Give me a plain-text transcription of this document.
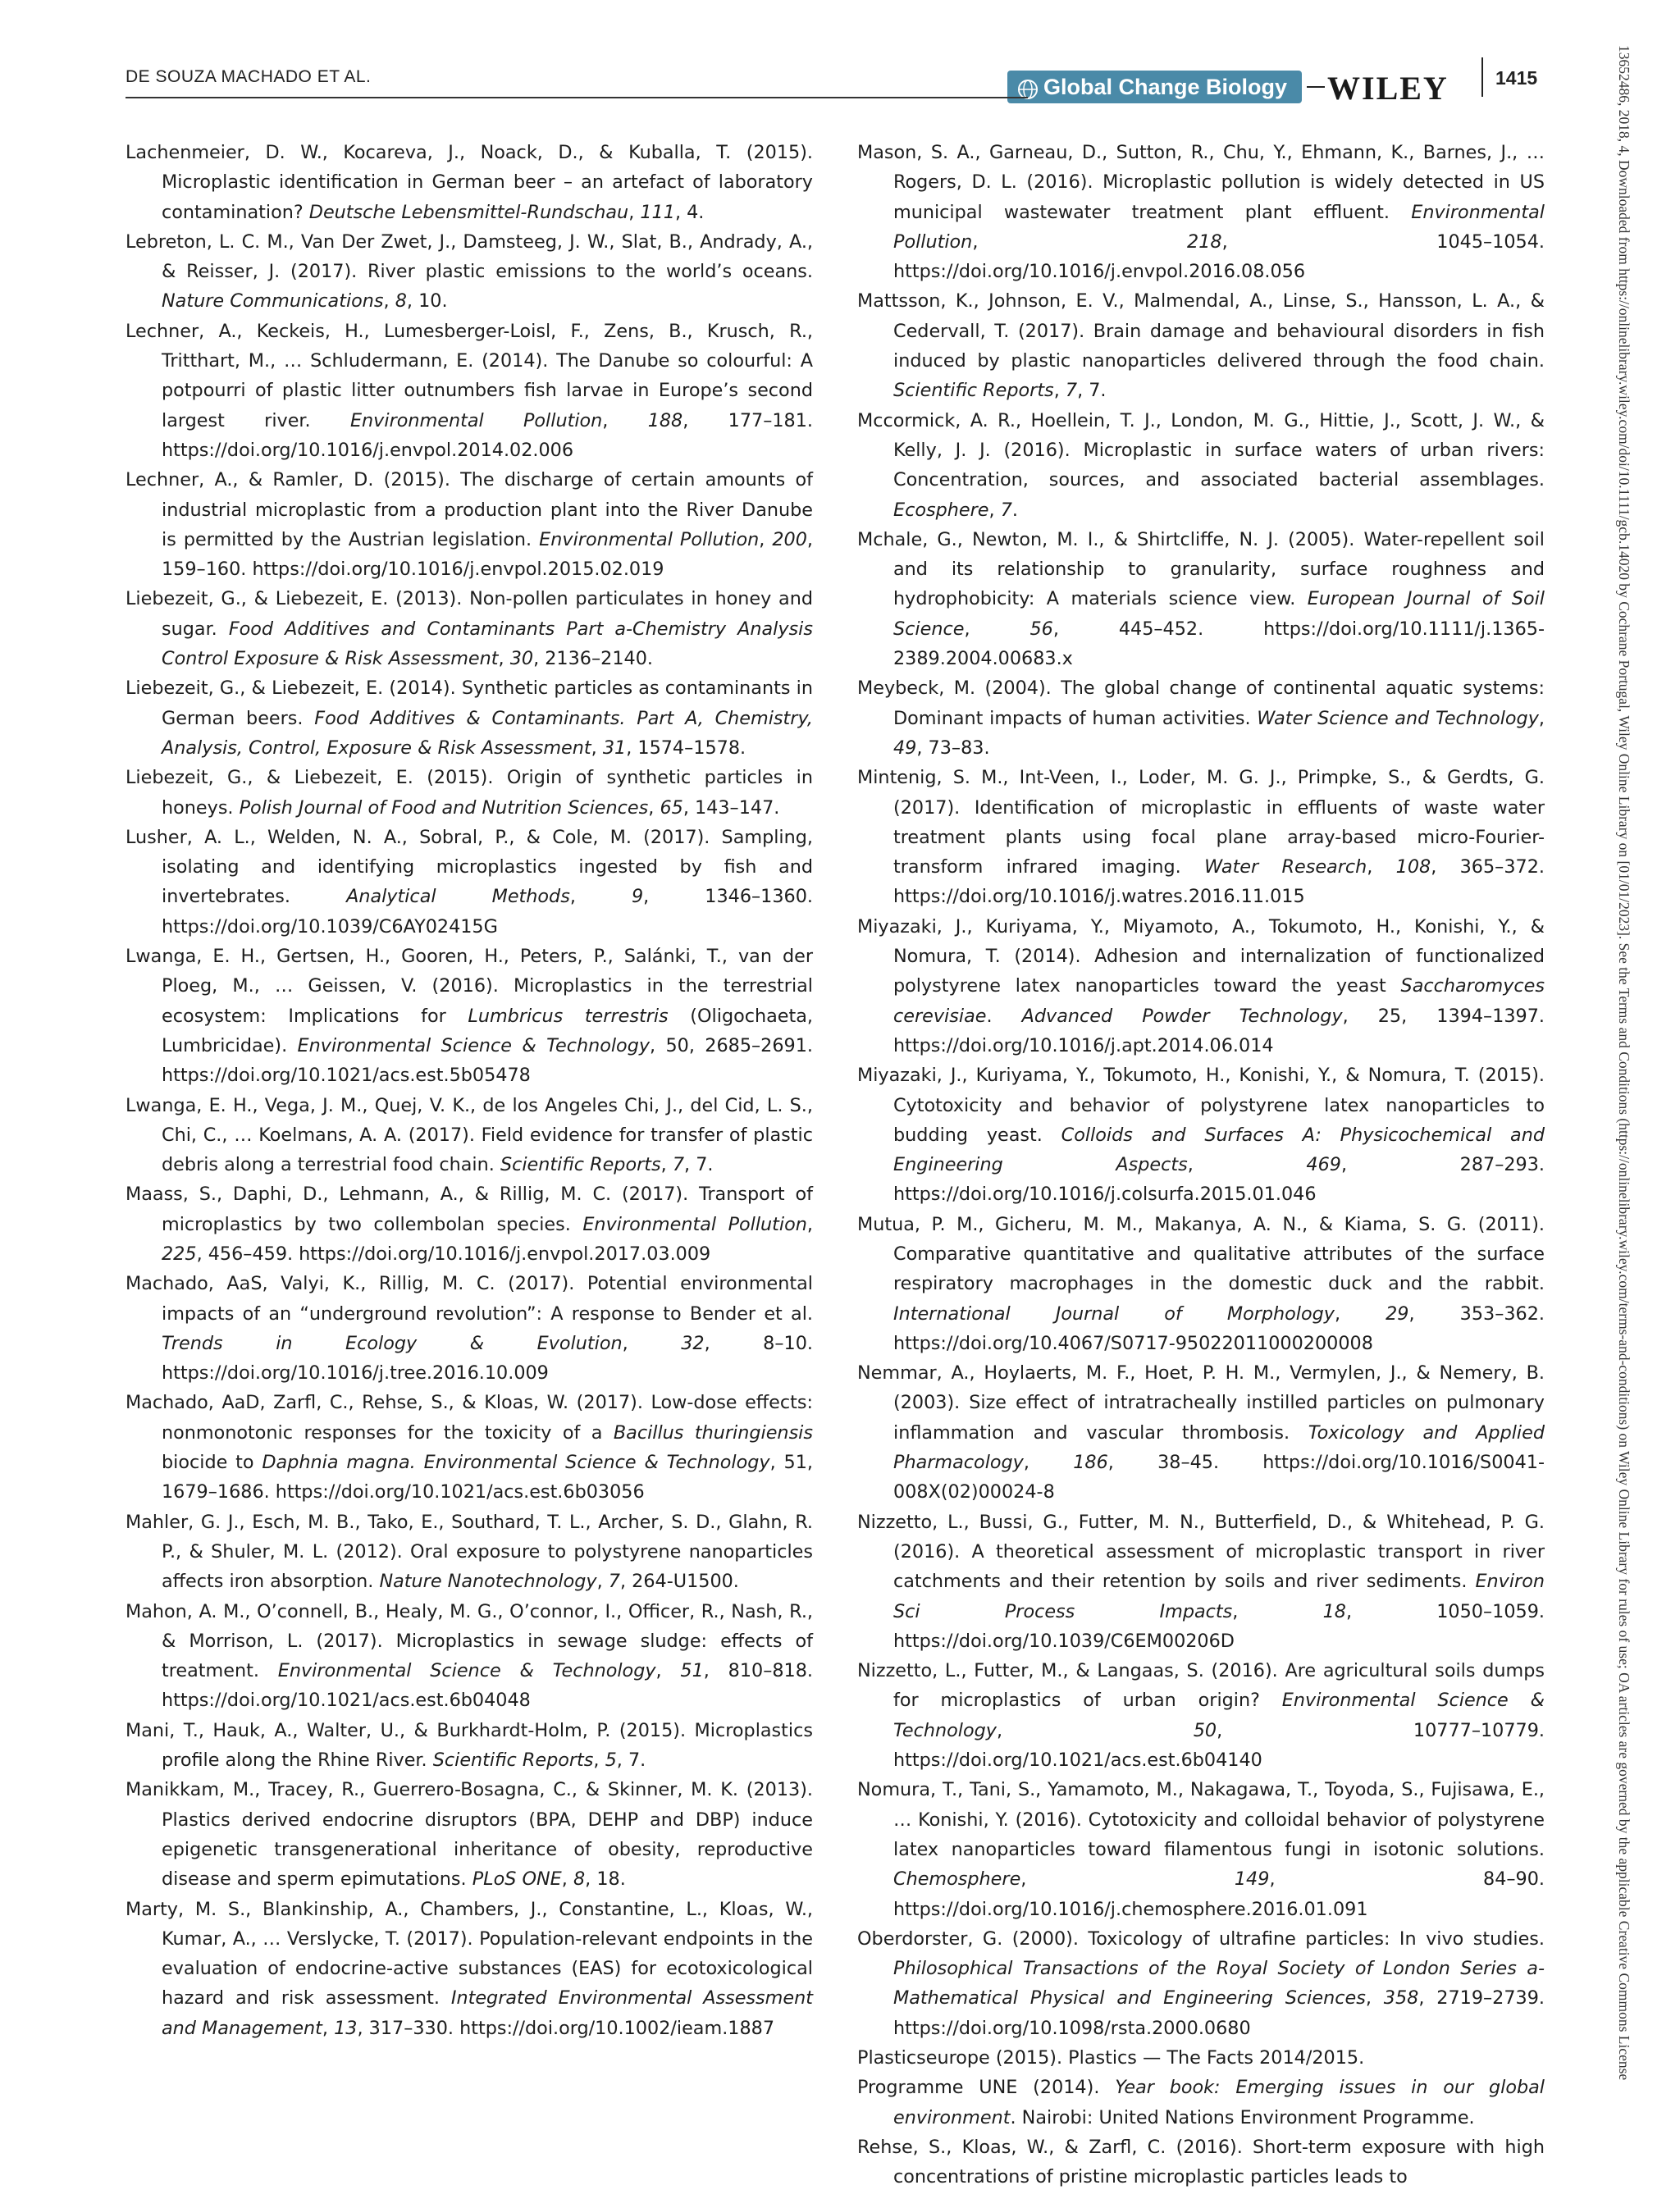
DE SOUZA MACHADO ET AL.	Global Change Biology WILEY 1415

Lachenmeier, D. W., Kocareva, J., Noack, D., & Kuballa, T. (2015). Microplastic identification in German beer – an artefact of laboratory contamination? Deutsche Lebensmittel-Rundschau, 111, 4.

Lebreton, L. C. M., Van Der Zwet, J., Damsteeg, J. W., Slat, B., Andrady, A., & Reisser, J. (2017). River plastic emissions to the world’s oceans. Nature Communications, 8, 10.

Lechner, A., Keckeis, H., Lumesberger-Loisl, F., Zens, B., Krusch, R., Tritthart, M., … Schludermann, E. (2014). The Danube so colourful: A potpourri of plastic litter outnumbers fish larvae in Europe’s second largest river. Environmental Pollution, 188, 177–181. https://doi.org/10.1016/j.envpol.2014.02.006

Lechner, A., & Ramler, D. (2015). The discharge of certain amounts of industrial microplastic from a production plant into the River Danube is permitted by the Austrian legislation. Environmental Pollution, 200, 159–160. https://doi.org/10.1016/j.envpol.2015.02.019

Liebezeit, G., & Liebezeit, E. (2013). Non-pollen particulates in honey and sugar. Food Additives and Contaminants Part a-Chemistry Analysis Control Exposure & Risk Assessment, 30, 2136–2140.

Liebezeit, G., & Liebezeit, E. (2014). Synthetic particles as contaminants in German beers. Food Additives & Contaminants. Part A, Chemistry, Analysis, Control, Exposure & Risk Assessment, 31, 1574–1578.

Liebezeit, G., & Liebezeit, E. (2015). Origin of synthetic particles in honeys. Polish Journal of Food and Nutrition Sciences, 65, 143–147.

Lusher, A. L., Welden, N. A., Sobral, P., & Cole, M. (2017). Sampling, isolating and identifying microplastics ingested by fish and invertebrates. Analytical Methods, 9, 1346–1360. https://doi.org/10.1039/C6AY02415G

Lwanga, E. H., Gertsen, H., Gooren, H., Peters, P., Salánki, T., van der Ploeg, M., … Geissen, V. (2016). Microplastics in the terrestrial ecosystem: Implications for Lumbricus terrestris (Oligochaeta, Lumbricidae). Environmental Science & Technology, 50, 2685–2691. https://doi.org/10.1021/acs.est.5b05478

Lwanga, E. H., Vega, J. M., Quej, V. K., de los Angeles Chi, J., del Cid, L. S., Chi, C., … Koelmans, A. A. (2017). Field evidence for transfer of plastic debris along a terrestrial food chain. Scientific Reports, 7, 7.

Maass, S., Daphi, D., Lehmann, A., & Rillig, M. C. (2017). Transport of microplastics by two collembolan species. Environmental Pollution, 225, 456–459. https://doi.org/10.1016/j.envpol.2017.03.009

Machado, AaS, Valyi, K., Rillig, M. C. (2017). Potential environmental impacts of an “underground revolution”: A response to Bender et al. Trends in Ecology & Evolution, 32, 8–10. https://doi.org/10.1016/j.tree.2016.10.009

Machado, AaD, Zarfl, C., Rehse, S., & Kloas, W. (2017). Low-dose effects: nonmonotonic responses for the toxicity of a Bacillus thuringiensis biocide to Daphnia magna. Environmental Science & Technology, 51, 1679–1686. https://doi.org/10.1021/acs.est.6b03056

Mahler, G. J., Esch, M. B., Tako, E., Southard, T. L., Archer, S. D., Glahn, R. P., & Shuler, M. L. (2012). Oral exposure to polystyrene nanoparticles affects iron absorption. Nature Nanotechnology, 7, 264-U1500.

Mahon, A. M., O’connell, B., Healy, M. G., O’connor, I., Officer, R., Nash, R., & Morrison, L. (2017). Microplastics in sewage sludge: effects of treatment. Environmental Science & Technology, 51, 810–818. https://doi.org/10.1021/acs.est.6b04048

Mani, T., Hauk, A., Walter, U., & Burkhardt-Holm, P. (2015). Microplastics profile along the Rhine River. Scientific Reports, 5, 7.

Manikkam, M., Tracey, R., Guerrero-Bosagna, C., & Skinner, M. K. (2013). Plastics derived endocrine disruptors (BPA, DEHP and DBP) induce epigenetic transgenerational inheritance of obesity, reproductive disease and sperm epimutations. PLoS ONE, 8, 18.

Marty, M. S., Blankinship, A., Chambers, J., Constantine, L., Kloas, W., Kumar, A., … Verslycke, T. (2017). Population-relevant endpoints in the evaluation of endocrine-active substances (EAS) for ecotoxicological hazard and risk assessment. Integrated Environmental Assessment and Management, 13, 317–330. https://doi.org/10.1002/ieam.1887

Mason, S. A., Garneau, D., Sutton, R., Chu, Y., Ehmann, K., Barnes, J., … Rogers, D. L. (2016). Microplastic pollution is widely detected in US municipal wastewater treatment plant effluent. Environmental Pollution, 218, 1045–1054. https://doi.org/10.1016/j.envpol.2016.08.056

Mattsson, K., Johnson, E. V., Malmendal, A., Linse, S., Hansson, L. A., & Cedervall, T. (2017). Brain damage and behavioural disorders in fish induced by plastic nanoparticles delivered through the food chain. Scientific Reports, 7, 7.

Mccormick, A. R., Hoellein, T. J., London, M. G., Hittie, J., Scott, J. W., & Kelly, J. J. (2016). Microplastic in surface waters of urban rivers: Concentration, sources, and associated bacterial assemblages. Ecosphere, 7.

Mchale, G., Newton, M. I., & Shirtcliffe, N. J. (2005). Water-repellent soil and its relationship to granularity, surface roughness and hydrophobicity: A materials science view. European Journal of Soil Science, 56, 445–452. https://doi.org/10.1111/j.1365-2389.2004.00683.x

Meybeck, M. (2004). The global change of continental aquatic systems: Dominant impacts of human activities. Water Science and Technology, 49, 73–83.

Mintenig, S. M., Int-Veen, I., Loder, M. G. J., Primpke, S., & Gerdts, G. (2017). Identification of microplastic in effluents of waste water treatment plants using focal plane array-based micro-Fourier-transform infrared imaging. Water Research, 108, 365–372. https://doi.org/10.1016/j.watres.2016.11.015

Miyazaki, J., Kuriyama, Y., Miyamoto, A., Tokumoto, H., Konishi, Y., & Nomura, T. (2014). Adhesion and internalization of functionalized polystyrene latex nanoparticles toward the yeast Saccharomyces cerevisiae. Advanced Powder Technology, 25, 1394–1397. https://doi.org/10.1016/j.apt.2014.06.014

Miyazaki, J., Kuriyama, Y., Tokumoto, H., Konishi, Y., & Nomura, T. (2015). Cytotoxicity and behavior of polystyrene latex nanoparticles to budding yeast. Colloids and Surfaces A: Physicochemical and Engineering Aspects, 469, 287–293. https://doi.org/10.1016/j.colsurfa.2015.01.046

Mutua, P. M., Gicheru, M. M., Makanya, A. N., & Kiama, S. G. (2011). Comparative quantitative and qualitative attributes of the surface respiratory macrophages in the domestic duck and the rabbit. International Journal of Morphology, 29, 353–362. https://doi.org/10.4067/S0717-95022011000200008

Nemmar, A., Hoylaerts, M. F., Hoet, P. H. M., Vermylen, J., & Nemery, B. (2003). Size effect of intratracheally instilled particles on pulmonary inflammation and vascular thrombosis. Toxicology and Applied Pharmacology, 186, 38–45. https://doi.org/10.1016/S0041-008X(02)00024-8

Nizzetto, L., Bussi, G., Futter, M. N., Butterfield, D., & Whitehead, P. G. (2016). A theoretical assessment of microplastic transport in river catchments and their retention by soils and river sediments. Environ Sci Process Impacts, 18, 1050–1059. https://doi.org/10.1039/C6EM00206D

Nizzetto, L., Futter, M., & Langaas, S. (2016). Are agricultural soils dumps for microplastics of urban origin? Environmental Science & Technology, 50, 10777–10779. https://doi.org/10.1021/acs.est.6b04140

Nomura, T., Tani, S., Yamamoto, M., Nakagawa, T., Toyoda, S., Fujisawa, E., … Konishi, Y. (2016). Cytotoxicity and colloidal behavior of polystyrene latex nanoparticles toward filamentous fungi in isotonic solutions. Chemosphere, 149, 84–90. https://doi.org/10.1016/j.chemosphere.2016.01.091

Oberdorster, G. (2000). Toxicology of ultrafine particles: In vivo studies. Philosophical Transactions of the Royal Society of London Series a-Mathematical Physical and Engineering Sciences, 358, 2719–2739. https://doi.org/10.1098/rsta.2000.0680

Plasticseurope (2015). Plastics — The Facts 2014/2015.

Programme UNE (2014). Year book: Emerging issues in our global environment. Nairobi: United Nations Environment Programme.

Rehse, S., Kloas, W., & Zarfl, C. (2016). Short-term exposure with high concentrations of pristine microplastic particles leads to

13652486, 2018, 4, Downloaded from https://onlinelibrary.wiley.com/doi/10.1111/gcb.14020 by Cochrane Portugal, Wiley Online Library on [01/01/2023]. See the Terms and Conditions (https://onlinelibrary.wiley.com/terms-and-conditions) on Wiley Online Library for rules of use; OA articles are governed by the applicable Creative Commons License
